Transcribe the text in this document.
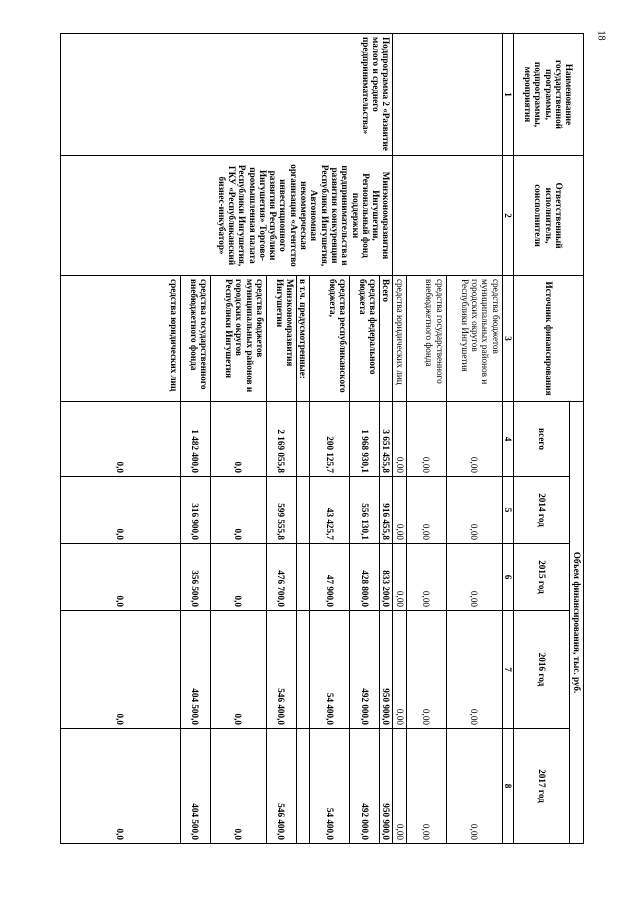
18
Наименование государственной программы, подпрограммы, мероприятия	Ответственный исполнитель, соисполнители	Источник финансирования	Объем финансирования, тыс. руб.				
			всего	2014 год	2015 год	2016 год	2017 год
1	2	3	4	5	6	7	8
		средства бюджетов муниципальных районов и городских округов Республики Ингушетия	0,00	0,00	0,00	0,00	0,00
		средства государственного внебюджетного фонда	0,00	0,00	0,00	0,00	0,00
		средства юридических лиц	0,00	0,00	0,00	0,00	0,00
Подпрограмма 2 «Развитие малого и среднего предпринимательства»	Минэкономразвития Ингушетии, Региональный фонд поддержки предпринимательства и развития конкуренции Республики Ингушетия, Автономная некоммерческая организация «Агентство инвестиционного развития Республики Ингушетия» Торгово-промышленная палата Республики Ингушетия, ГКУ «Республиканский бизнес-инкубатор»	Всего	3 651 455,8	916 455,8	833 200,0	950 900,0	950 900,0
		средства федерального бюджета	1 968 930,1	556 130,1	428 800,0	492 000,0	492 000,0
		средства республиканского бюджета,	200 125,7	43 425,7	47 900,0	54 400,0	54 400,0
		в т.ч. предусмотренные:					
		Минэкономразвития Ингушетии	2 169 055,8	599 555,8	476 700,0	546 400,0	546 400,0
		средства бюджетов муниципальных районов и городских округов Республики Ингушетия	0,0	0,0	0,0	0,0	0,0
		средства государственного внебюджетного фонда	1 482 400,0	316 900,0	356 500,0	404 500,0	404 500,0
		средства юридических лиц	0,0	0,0	0,0	0,0	0,0
